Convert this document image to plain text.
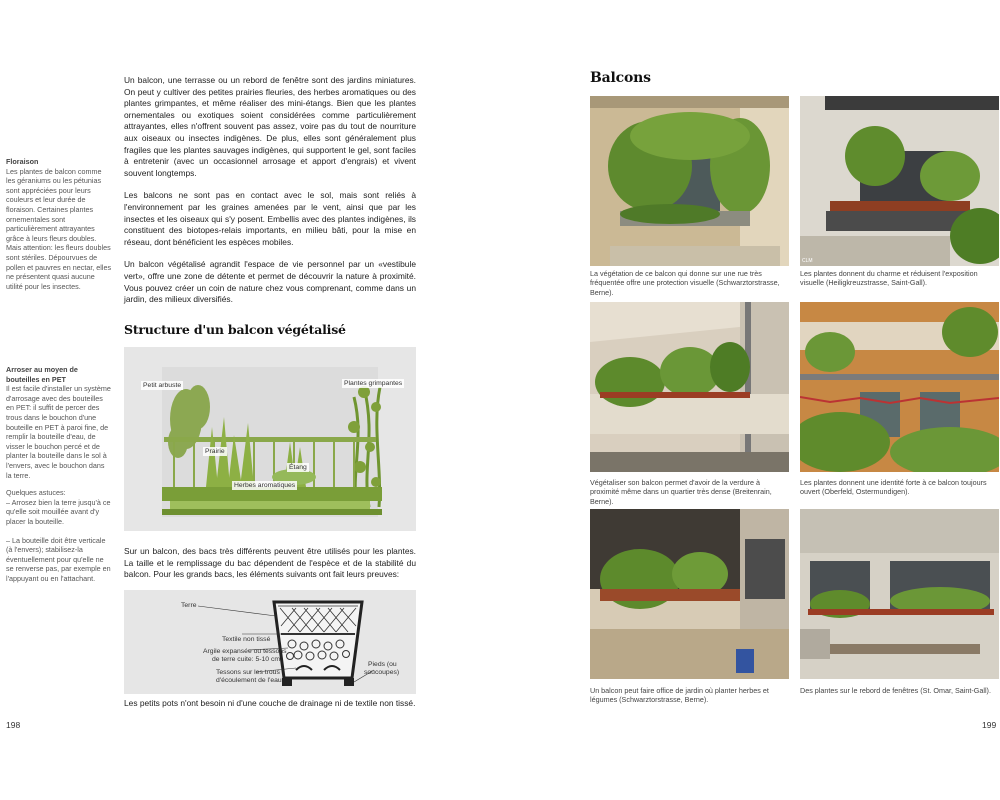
Floraison

Les plantes de balcon comme les géraniums ou les pétunias sont appréciées pour leurs couleurs et leur durée de floraison. Certaines plantes ornementales sont particulièrement attrayantes grâce à leurs fleurs doubles. Mais attention: les fleurs doubles sont stériles. Dépourvues de pollen et pauvres en nectar, elles ne présentent quasi aucune utilité pour les insectes.

Arroser au moyen de bouteilles en PET

Il est facile d'installer un système d'arrosage avec des bouteilles en PET: il suffit de percer des trous dans le bouchon d'une bouteille en PET à paroi fine, de remplir la bouteille d'eau, de visser le bouchon percé et de planter la bouteille dans le sol à l'envers, avec le bouchon dans la terre.

Quelques astuces:

– Arrosez bien la terre jusqu'à ce qu'elle soit mouillée avant d'y placer la bouteille.

– La bouteille doit être verticale (à l'envers); stabilisez-la éventuellement pour qu'elle ne se renverse pas, par exemple en l'appuyant ou en l'attachant.

Un balcon, une terrasse ou un rebord de fenêtre sont des jardins miniatures. On peut y cultiver des petites prairies fleuries, des herbes aromatiques ou des plantes grimpantes, et même réaliser des mini-étangs. Bien que les plantes ornementales ou exotiques soient considérées comme particulièrement attrayantes, elles n'offrent souvent pas assez, voire pas du tout de nourriture aux oiseaux ou insectes indigènes. De plus, elles sont généralement plus fragiles que les plantes sauvages indigènes, qui supportent le gel, sont faciles à entretenir (avec un occasionnel arrosage et apport d'engrais) et vivent souvent longtemps.

Les balcons ne sont pas en contact avec le sol, mais sont reliés à l'environnement par les graines amenées par le vent, ainsi que par les insectes et les oiseaux qui s'y posent. Embellis avec des plantes indigènes, ils constituent des biotopes-relais importants, en milieu bâti, pour la mise en réseau, dont bénéficient les espèces mobiles.

Un balcon végétalisé agrandit l'espace de vie personnel par un «vestibule vert», offre une zone de détente et permet de découvrir la nature à proximité. Vous pouvez créer un coin de nature chez vous comprenant, comme dans un jardin, des milieux diversifiés.

Structure d'un balcon végétalisé
Petit arbuste	Plantes grimpantes
Prairie
Étang
Herbes aromatiques
Sur un balcon, des bacs très différents peuvent être utilisés pour les plantes. La taille et le remplissage du bac dépendent de l'espèce et de la stabilité du balcon. Pour les grands bacs, les éléments suivants ont fait leurs preuves:
Terre
Textile non tissé
Argile expansée ou tessons
de terre cuite: 5-10 cm
Tessons sur les trous
d'écoulement de l'eau
Pieds (ou
soucoupes)
Les petits pots n'ont besoin ni d'une couche de drainage ni de textile non tissé.
198
Balcons
La végétation de ce balcon qui donne sur une rue très fréquentée offre une protection visuelle (Schwarztorstrasse, Berne).
CLM
Les plantes donnent du charme et réduisent l'exposition visuelle (Heiligkreuzstrasse, Saint-Gall).
Végétaliser son balcon permet d'avoir de la verdure à proximité même dans un quartier très dense (Breitenrain, Berne).
Les plantes donnent une identité forte à ce balcon toujours ouvert (Oberfeld, Ostermundigen).
Un balcon peut faire office de jardin où planter herbes et légumes (Schwarztorstrasse, Berne).
Des plantes sur le rebord de fenêtres (St. Omar, Saint-Gall).
199
